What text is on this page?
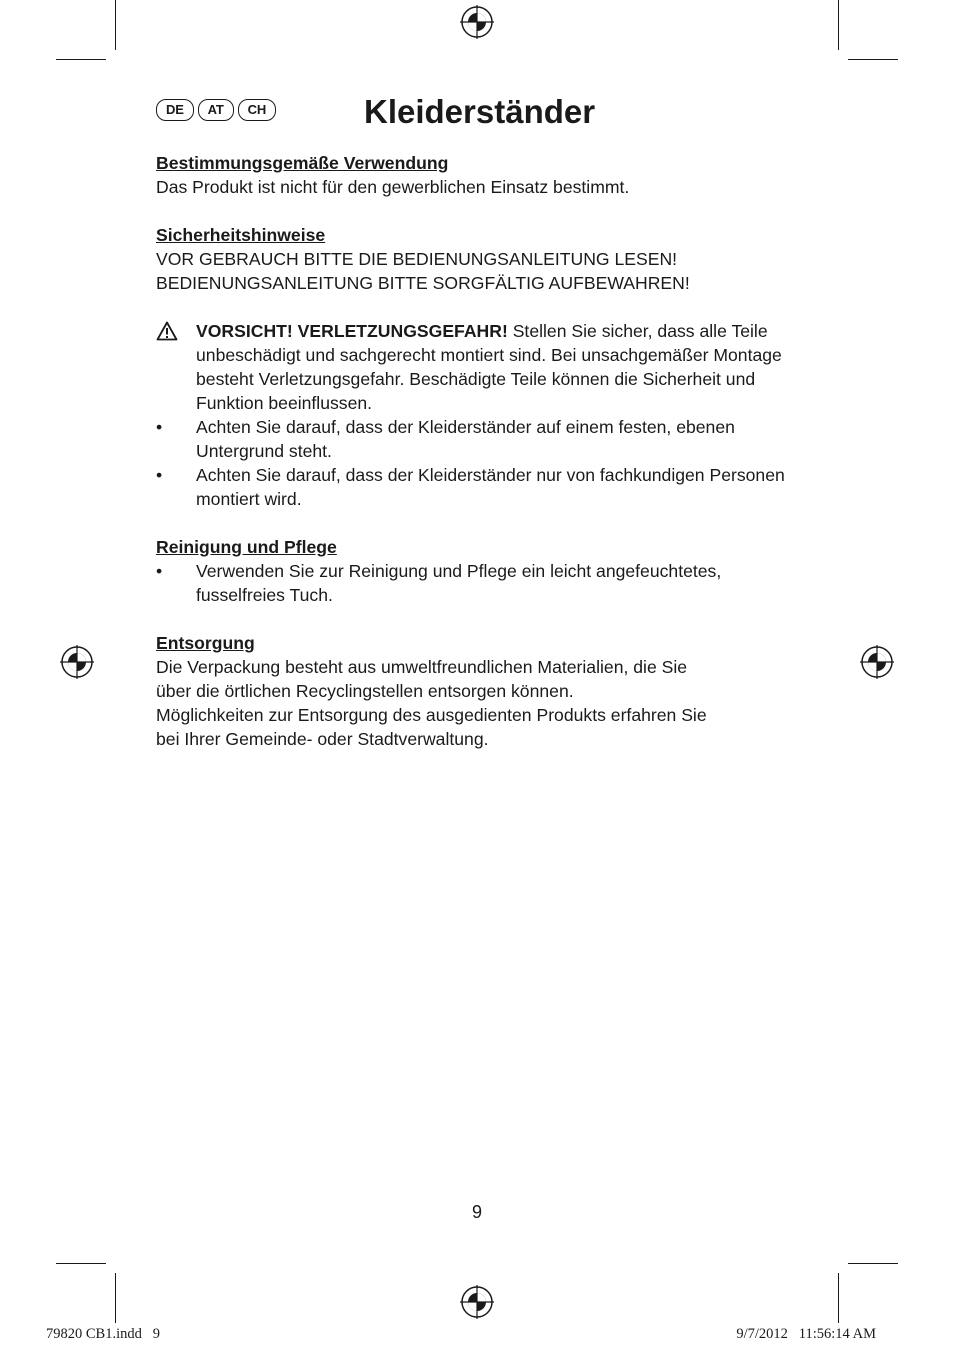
DE	AT	CH	Kleiderständer
Bestimmungsgemäße Verwendung
Das Produkt ist nicht für den gewerblichen Einsatz bestimmt.
Sicherheitshinweise
VOR GEBRAUCH BITTE DIE BEDIENUNGSANLEITUNG LESEN!
BEDIENUNGSANLEITUNG BITTE SORGFÄLTIG AUFBEWAHREN!
VORSICHT! VERLETZUNGSGEFAHR! Stellen Sie sicher, dass alle Teile unbeschädigt und sachgerecht montiert sind. Bei unsachgemäßer Montage besteht Verletzungsgefahr. Beschädigte Teile können die Sicherheit und Funktion beeinflussen.
•	Achten Sie darauf, dass der Kleiderständer auf einem festen, ebenen Untergrund steht.
•	Achten Sie darauf, dass der Kleiderständer nur von fachkundigen Personen montiert wird.
Reinigung und Pflege
•	Verwenden Sie zur Reinigung und Pflege ein leicht angefeuchtetes, fusselfreies Tuch.
Entsorgung
Die Verpackung besteht aus umweltfreundlichen Materialien, die Sie
über die örtlichen Recyclingstellen entsorgen können.
Möglichkeiten zur Entsorgung des ausgedienten Produkts erfahren Sie
bei Ihrer Gemeinde- oder Stadtverwaltung.
9
79820 CB1.indd   9	9/7/2012   11:56:14 AM
